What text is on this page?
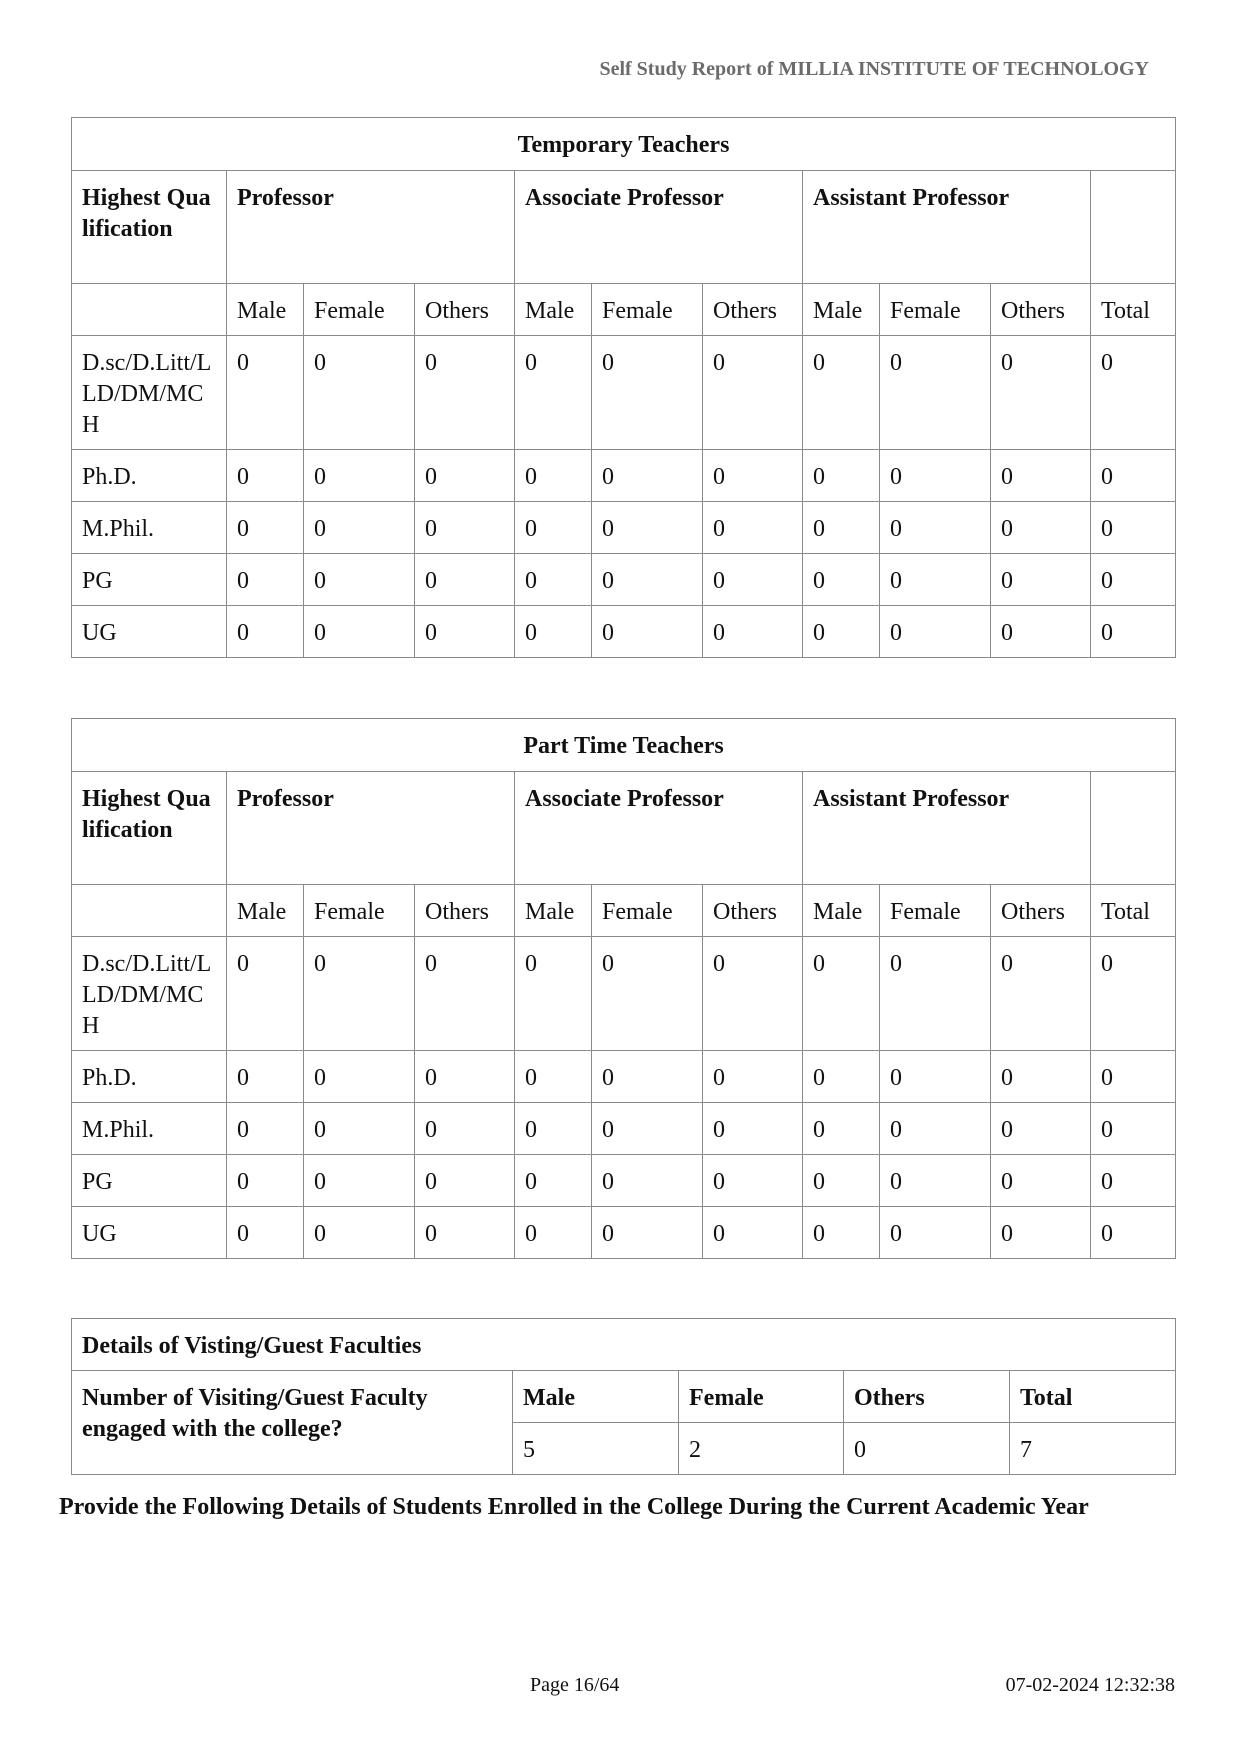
Self Study Report of MILLIA INSTITUTE OF TECHNOLOGY
Temporary Teachers										
Highest Qualification	Professor			Associate Professor			Assistant Professor			
	Male	Female	Others	Male	Female	Others	Male	Female	Others	Total
D.sc/D.Litt/LLD/DM/MCH	0	0	0	0	0	0	0	0	0	0
Ph.D.	0	0	0	0	0	0	0	0	0	0
M.Phil.	0	0	0	0	0	0	0	0	0	0
PG	0	0	0	0	0	0	0	0	0	0
UG	0	0	0	0	0	0	0	0	0	0
Part Time Teachers										
Highest Qualification	Professor			Associate Professor			Assistant Professor			
	Male	Female	Others	Male	Female	Others	Male	Female	Others	Total
D.sc/D.Litt/LLD/DM/MCH	0	0	0	0	0	0	0	0	0	0
Ph.D.	0	0	0	0	0	0	0	0	0	0
M.Phil.	0	0	0	0	0	0	0	0	0	0
PG	0	0	0	0	0	0	0	0	0	0
UG	0	0	0	0	0	0	0	0	0	0
Details of Visting/Guest Faculties				
Number of Visiting/Guest Faculty engaged with the college?	Male	Female	Others	Total
	5	2	0	7
Provide the Following Details of Students Enrolled in the College During the Current Academic Year
Page 16/64	07-02-2024 12:32:38
